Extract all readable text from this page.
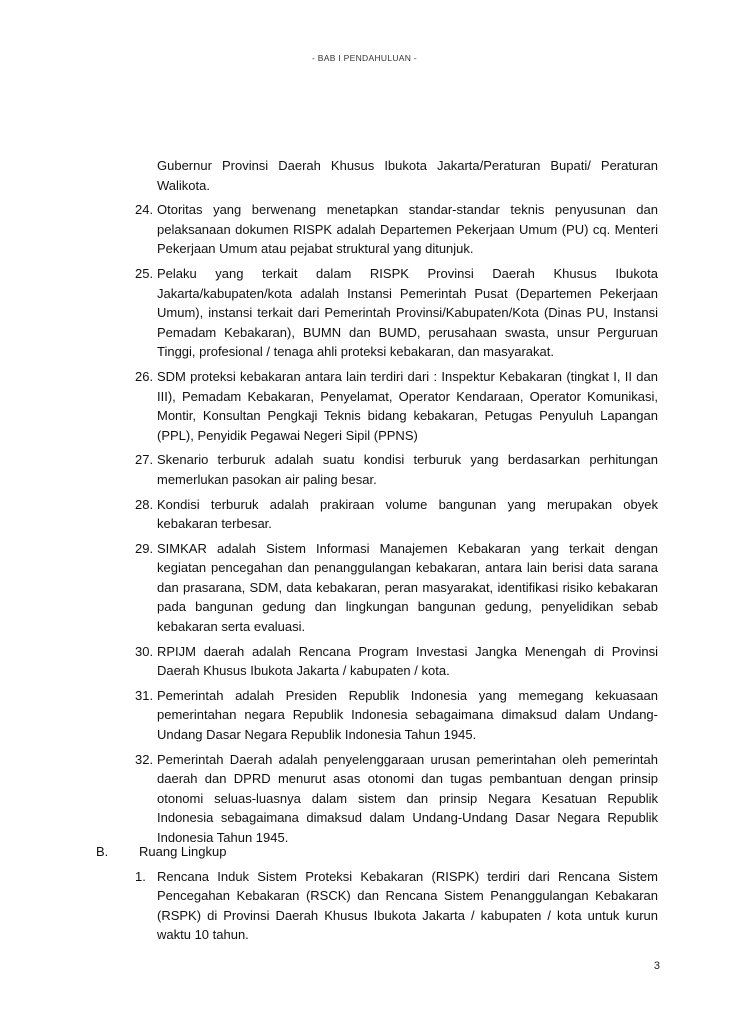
- BAB I PENDAHULUAN -
Gubernur Provinsi Daerah Khusus Ibukota Jakarta/Peraturan Bupati/ Peraturan Walikota.
24. Otoritas yang berwenang menetapkan standar-standar teknis penyusunan dan pelaksanaan dokumen RISPK adalah Departemen Pekerjaan Umum (PU) cq. Menteri Pekerjaan Umum atau pejabat struktural yang ditunjuk.
25. Pelaku yang terkait dalam RISPK Provinsi Daerah Khusus Ibukota Jakarta/kabupaten/kota adalah Instansi Pemerintah Pusat (Departemen Pekerjaan Umum), instansi terkait dari Pemerintah Provinsi/Kabupaten/Kota (Dinas PU, Instansi Pemadam Kebakaran), BUMN dan BUMD, perusahaan swasta, unsur Perguruan Tinggi, profesional / tenaga ahli proteksi kebakaran, dan masyarakat.
26. SDM proteksi kebakaran antara lain terdiri dari : Inspektur Kebakaran (tingkat I, II dan III), Pemadam Kebakaran, Penyelamat, Operator Kendaraan, Operator Komunikasi, Montir, Konsultan Pengkaji Teknis bidang kebakaran, Petugas Penyuluh Lapangan (PPL), Penyidik Pegawai Negeri Sipil (PPNS)
27. Skenario terburuk adalah suatu kondisi terburuk yang berdasarkan perhitungan memerlukan pasokan air paling besar.
28. Kondisi terburuk adalah prakiraan volume bangunan yang merupakan obyek kebakaran terbesar.
29. SIMKAR adalah Sistem Informasi Manajemen Kebakaran yang terkait dengan kegiatan pencegahan dan penanggulangan kebakaran, antara lain berisi data sarana dan prasarana, SDM, data kebakaran, peran masyarakat, identifikasi risiko kebakaran pada bangunan gedung dan lingkungan bangunan gedung, penyelidikan sebab kebakaran serta evaluasi.
30. RPIJM daerah adalah Rencana Program Investasi Jangka Menengah di Provinsi Daerah Khusus Ibukota Jakarta / kabupaten / kota.
31. Pemerintah adalah Presiden Republik Indonesia yang memegang kekuasaan pemerintahan negara Republik Indonesia sebagaimana dimaksud dalam Undang-Undang Dasar Negara Republik Indonesia Tahun 1945.
32. Pemerintah Daerah adalah penyelenggaraan urusan pemerintahan oleh pemerintah daerah dan DPRD menurut asas otonomi dan tugas pembantuan dengan prinsip otonomi seluas-luasnya dalam sistem dan prinsip Negara Kesatuan Republik Indonesia sebagaimana dimaksud dalam Undang-Undang Dasar Negara Republik Indonesia Tahun 1945.
B. Ruang Lingkup
1. Rencana Induk Sistem Proteksi Kebakaran (RISPK) terdiri dari Rencana Sistem Pencegahan Kebakaran (RSCK) dan Rencana Sistem Penanggulangan Kebakaran (RSPK) di Provinsi Daerah Khusus Ibukota Jakarta / kabupaten / kota untuk kurun waktu 10 tahun.
3
